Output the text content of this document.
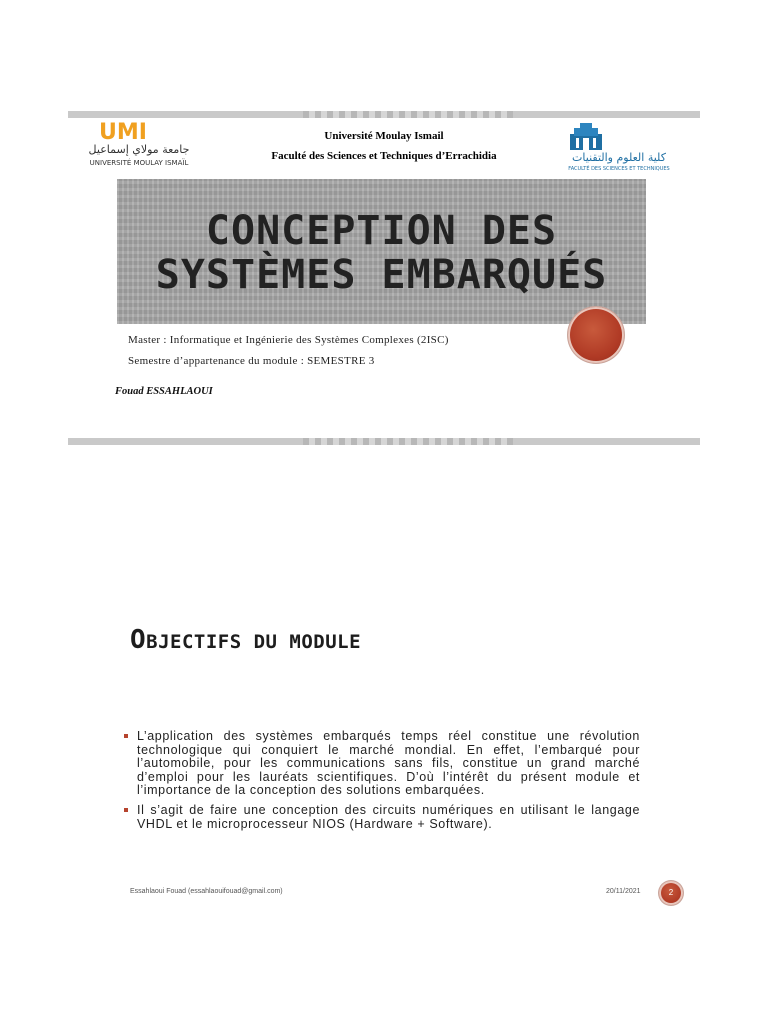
UMI
جامعة مولاي إسماعيل
UNIVERSITÉ MOULAY ISMAÏL
Université Moulay Ismail
Faculté des Sciences et Techniques d’Errachidia	كلية العلوم والتقنيات
FACULTÉ DES SCIENCES ET TECHNIQUES
CONCEPTION DES
SYSTÈMES EMBARQUÉS
Master : Informatique et Ingénierie des Systèmes Complexes (2ISC)
Semestre d’appartenance du module : SEMESTRE 3
Fouad ESSAHLAOUI
OBJECTIFS DU MODULE
L’application des systèmes embarqués temps réel constitue une révolution technologique qui conquiert le marché mondial. En effet, l’embarqué pour l’automobile, pour les communications sans fils, constitue un grand marché d’emploi pour les lauréats scientifiques. D’où l’intérêt du présent module et l’importance de la conception des solutions embarquées.
Il s’agit de faire une conception des circuits numériques en utilisant le langage VHDL et le microprocesseur NIOS (Hardware + Software).
Essahlaoui Fouad (essahlaouifouad@gmail.com)	20/11/2021	2
